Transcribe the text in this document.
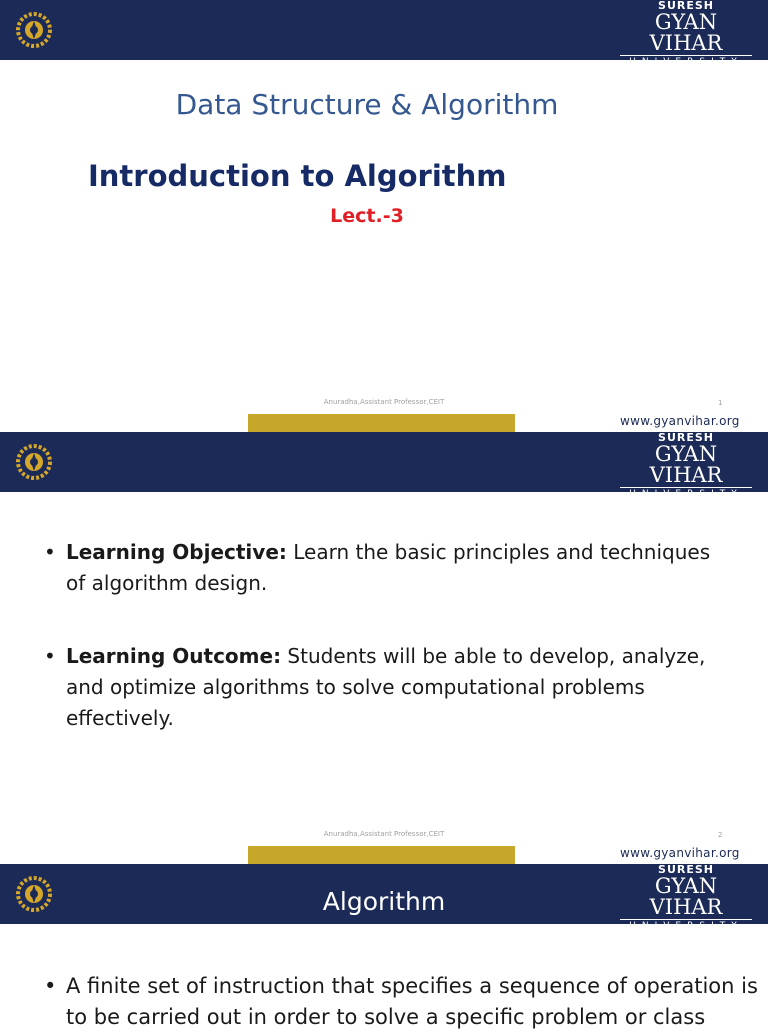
SURESH
GYAN VIHAR
UNIVERSITY
Accredited by NAAC with 'A' Grade
Data Structure & Algorithm
Introduction to Algorithm
Lect.-3
Anuradha,Assistant Professor,CEIT	1
www.gyanvihar.org
SURESH
GYAN VIHAR
UNIVERSITY
Accredited by NAAC with 'A' Grade
Anuradha,Assistant Professor,CEIT	2
www.gyanvihar.org
• Learning Objective: Learn the basic principles and techniques of algorithm design.
• Learning Outcome: Students will be able to develop, analyze, and optimize algorithms to solve computational problems effectively.
SURESH
GYAN VIHAR
UNIVERSITY
Accredited by NAAC with 'A' Grade
Algorithm
• A finite set of instruction that specifies a sequence of operation is to be carried out in order to solve a specific problem or class
